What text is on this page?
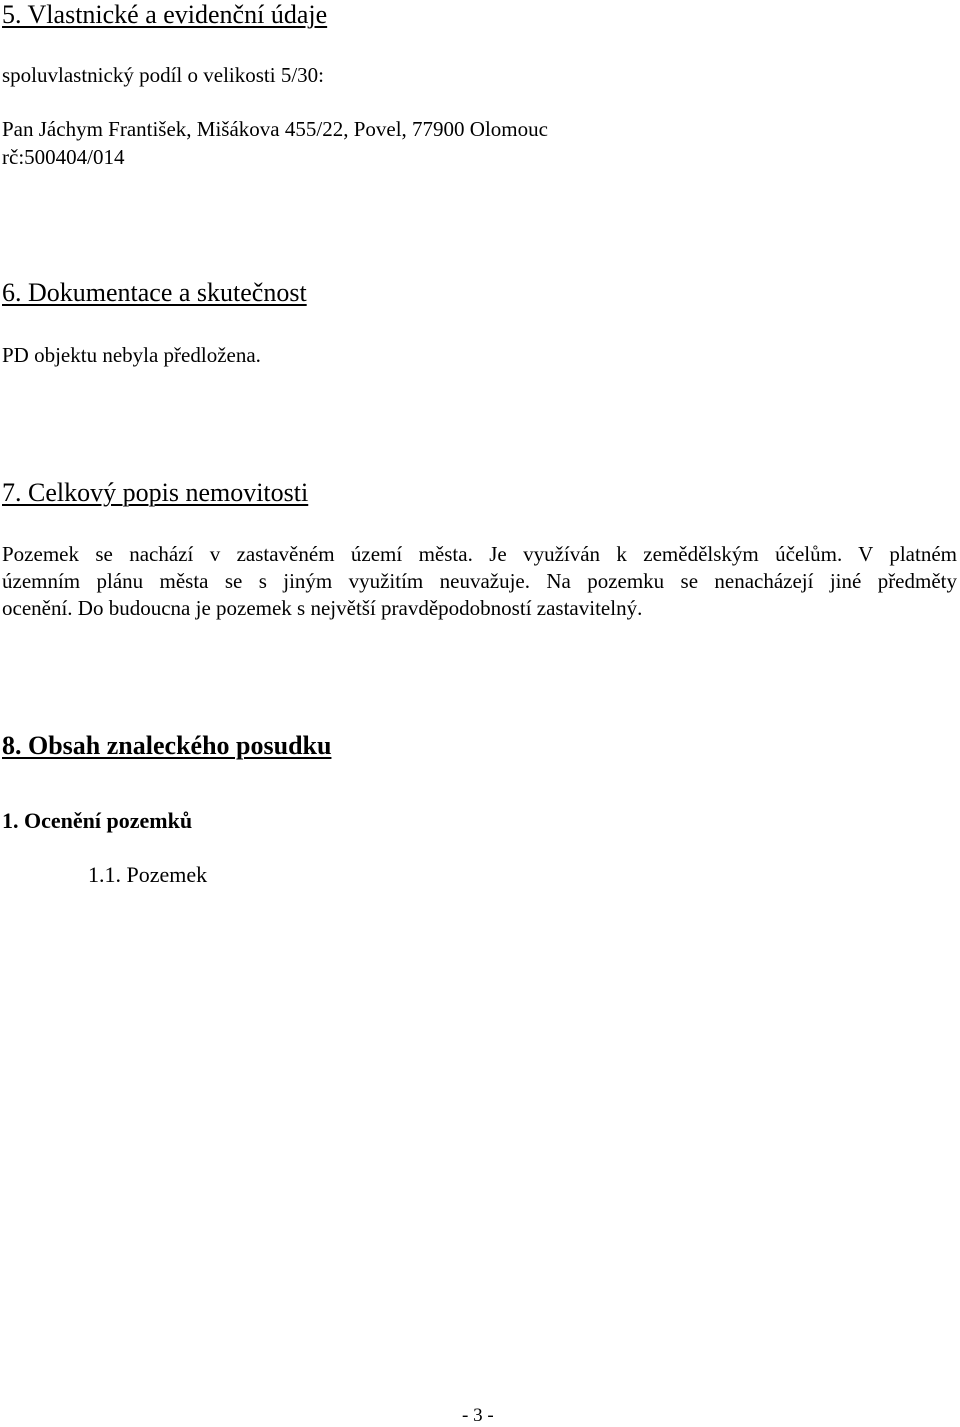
5. Vlastnické a evidenční údaje

spoluvlastnický podíl o velikosti 5/30:

Pan Jáchym František, Mišákova 455/22, Povel, 77900 Olomouc

rč:500404/014

6. Dokumentace a skutečnost

PD objektu nebyla předložena.

7. Celkový popis nemovitosti
Pozemek se nachází v zastavěném území města. Je využíván k zemědělským účelům. V platném
územním plánu města se s jiným využitím neuvažuje. Na pozemku se nenacházejí jiné předměty
ocenění. Do budoucna je pozemek s největší pravděpodobností zastavitelný.
8. Obsah znaleckého posudku

1. Ocenění pozemků

1.1. Pozemek

- 3 -
